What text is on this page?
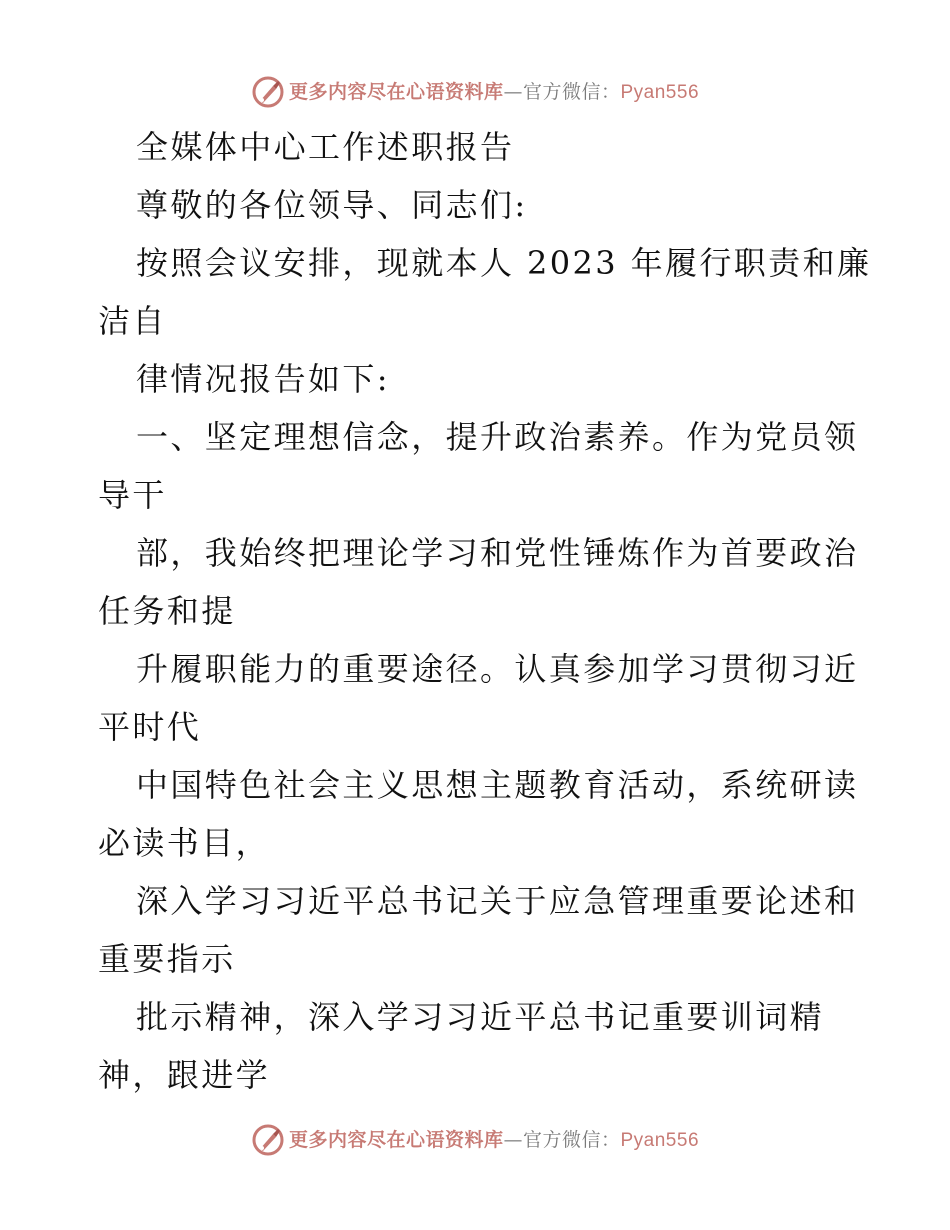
更多内容尽在心语资料库—官方微信：Pyan556
全媒体中心工作述职报告
尊敬的各位领导、同志们:
按照会议安排，现就本人 2023 年履行职责和廉
洁自
律情况报告如下:
一、坚定理想信念，提升政治素养。作为党员领
导干
部，我始终把理论学习和党性锤炼作为首要政治
任务和提
升履职能力的重要途径。认真参加学习贯彻习近
平时代
中国特色社会主义思想主题教育活动，系统研读
必读书目，
深入学习习近平总书记关于应急管理重要论述和
重要指示
批示精神，深入学习习近平总书记重要训词精
神，跟进学
更多内容尽在心语资料库—官方微信：Pyan556
